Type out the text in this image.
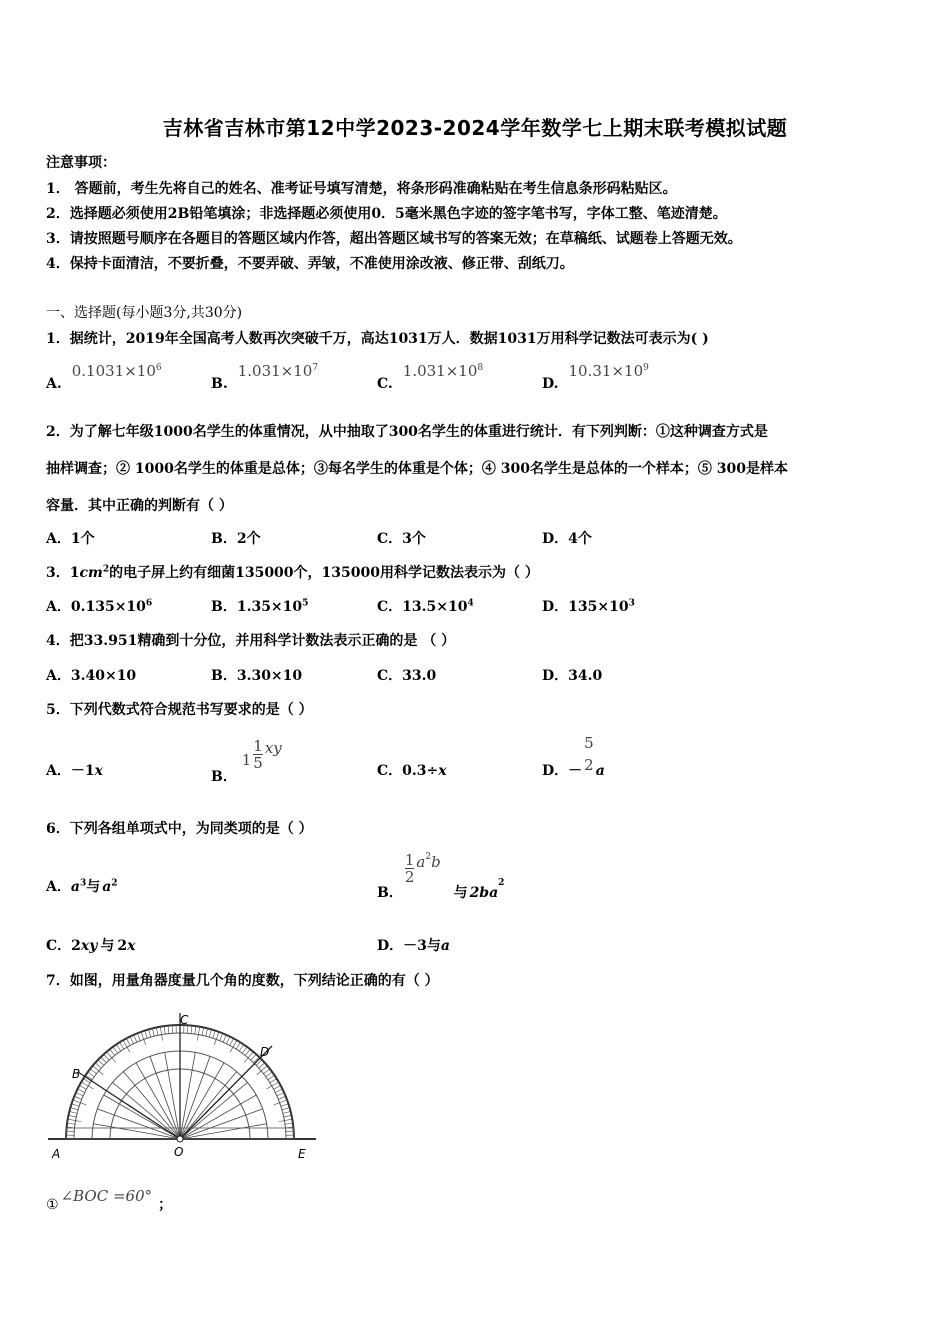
吉林省吉林市第12中学2023-2024学年数学七上期末联考模拟试题
注意事项：
1． 答题前，考生先将自己的姓名、准考证号填写清楚，将条形码准确粘贴在考生信息条形码粘贴区。
2．选择题必须使用2B铅笔填涂；非选择题必须使用0．5毫米黑色字迹的签字笔书写，字体工整、笔迹清楚。
3．请按照题号顺序在各题目的答题区域内作答，超出答题区域书写的答案无效；在草稿纸、试题卷上答题无效。
4．保持卡面清洁，不要折叠，不要弄破、弄皱，不准使用涂改液、修正带、刮纸刀。
一、选择题(每小题3分,共30分)
1．据统计，2019年全国高考人数再次突破千万，高达1031万人．数据1031万用科学记数法可表示为( )
$A.0.1031\times 10^6$
$B.1.031\times 10^7$
$C.1.031\times 10^8$
$D.10.31\times 10^9$
2．为了解七年级1000名学生的体重情况，从中抽取了300名学生的体重进行统计．有下列判断：①这种调查方式是
抽样调查；② 1000名学生的体重是总体；③每名学生的体重是个体；④ 300名学生是总体的一个样本；⑤ 300是样本
容量．其中正确的判断有（ ）
A．1个	B．2个	C．3个	D．4个
3．$1cm^2$的电子屏上约有细菌135000个，135000用科学记数法表示为（ ）
A．$0.135\times 10^6$	B．$1.35\times 10^5$	C．$13.5\times 10^4$	D．$135\times 10^3$
4．把33.951精确到十分位，并用科学计数法表示正确的是 （ ）
A．3.40×10	B．3.30×10	C．33.0	D．34.0
5．下列代数式符合规范书写要求的是（ ）
A．－1x	B． $1 \frac{1}{5}$ xy
C．0.3÷x	D．－
5
2 a
6．下列各组单项式中，为同类项的是（ ）
A．$a^3$与 $a^2$
B．
$\frac{1}{2} a^2b$ 与 $2ba^2$
C．2xy 与 2x	D．－3与a
7．如图，用量角器度量几个角的度数，下列结论正确的有（ ）
A
B
C
D
E
O
① ∠BOC =60° ；
